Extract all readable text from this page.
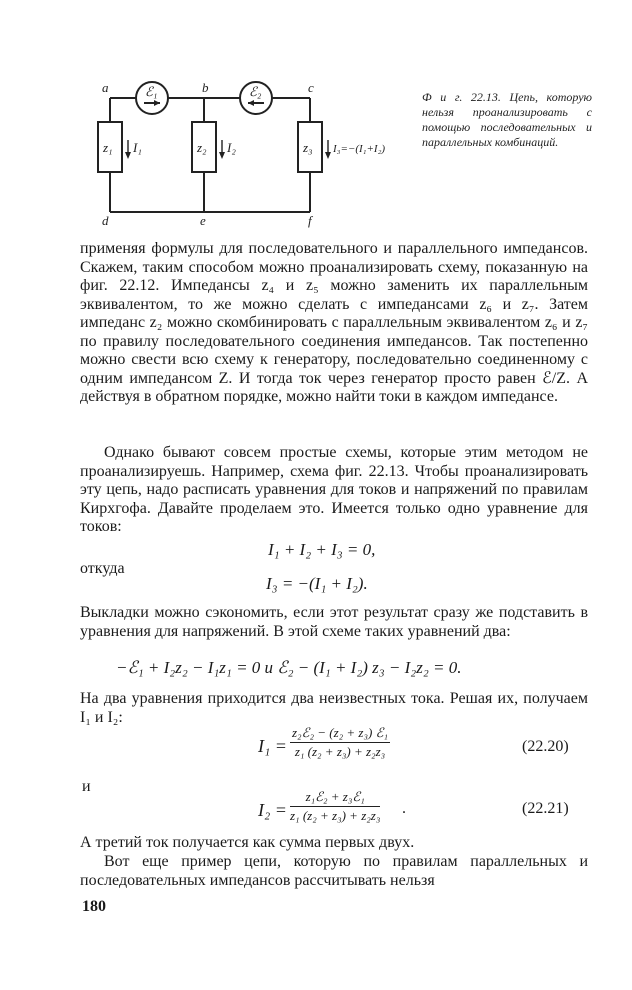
a	b	c
d	e	f
ℰ₁	ℰ₂
z₁	z₂	z₃
I₁	I₂	I₃=−(I₁+I₂)
Ф и г. 22.13. Цепь, которую нельзя проанализировать с помощью последовательных и параллельных комбинаций.
применяя формулы для последовательного и параллельного импедансов. Скажем, таким способом можно проанализировать схему, показанную на фиг. 22.12. Импедансы z₄ и z₅ можно заменить их параллельным эквивалентом, то же можно сделать с импедансами z₆ и z₇. Затем импеданс z₂ можно скомбинировать с параллельным эквивалентом z₆ и z₇ по правилу последовательного соединения импедансов. Так постепенно можно свести всю схему к генератору, последовательно соединенному с одним импедансом Z. И тогда ток через генератор просто равен ℰ/Z. А действуя в обратном порядке, можно найти токи в каждом импедансе.
Однако бывают совсем простые схемы, которые этим методом не проанализируешь. Например, схема фиг. 22.13. Чтобы проанализировать эту цепь, надо расписать уравнения для токов и напряжений по правилам Кирхгофа. Давайте проделаем это. Имеется только одно уравнение для токов:
I₁ + I₂ + I₃ = 0,
откуда
I₃ = −(I₁ + I₂).
Выкладки можно сэкономить, если этот результат сразу же подставить в уравнения для напряжений. В этой схеме таких уравнений два:
−ℰ₁ + I₂z₂ − I₁z₁ = 0 и ℰ₂ − (I₁ + I₂) z₃ − I₂z₂ = 0.
На два уравнения приходится два неизвестных тока. Решая их, получаем I₁ и I₂:
I₁ =
z₂ℰ₂ − (z₂ + z₃) ℰ₁
z₁ (z₂ + z₃) + z₂z₃	(22.20)
и
I₂ =
z₁ℰ₂ + z₃ℰ₁
z₁ (z₂ + z₃) + z₂z₃ .	(22.21)
А третий ток получается как сумма первых двух.
Вот еще пример цепи, которую по правилам параллельных и последовательных импедансов рассчитывать нельзя
180
